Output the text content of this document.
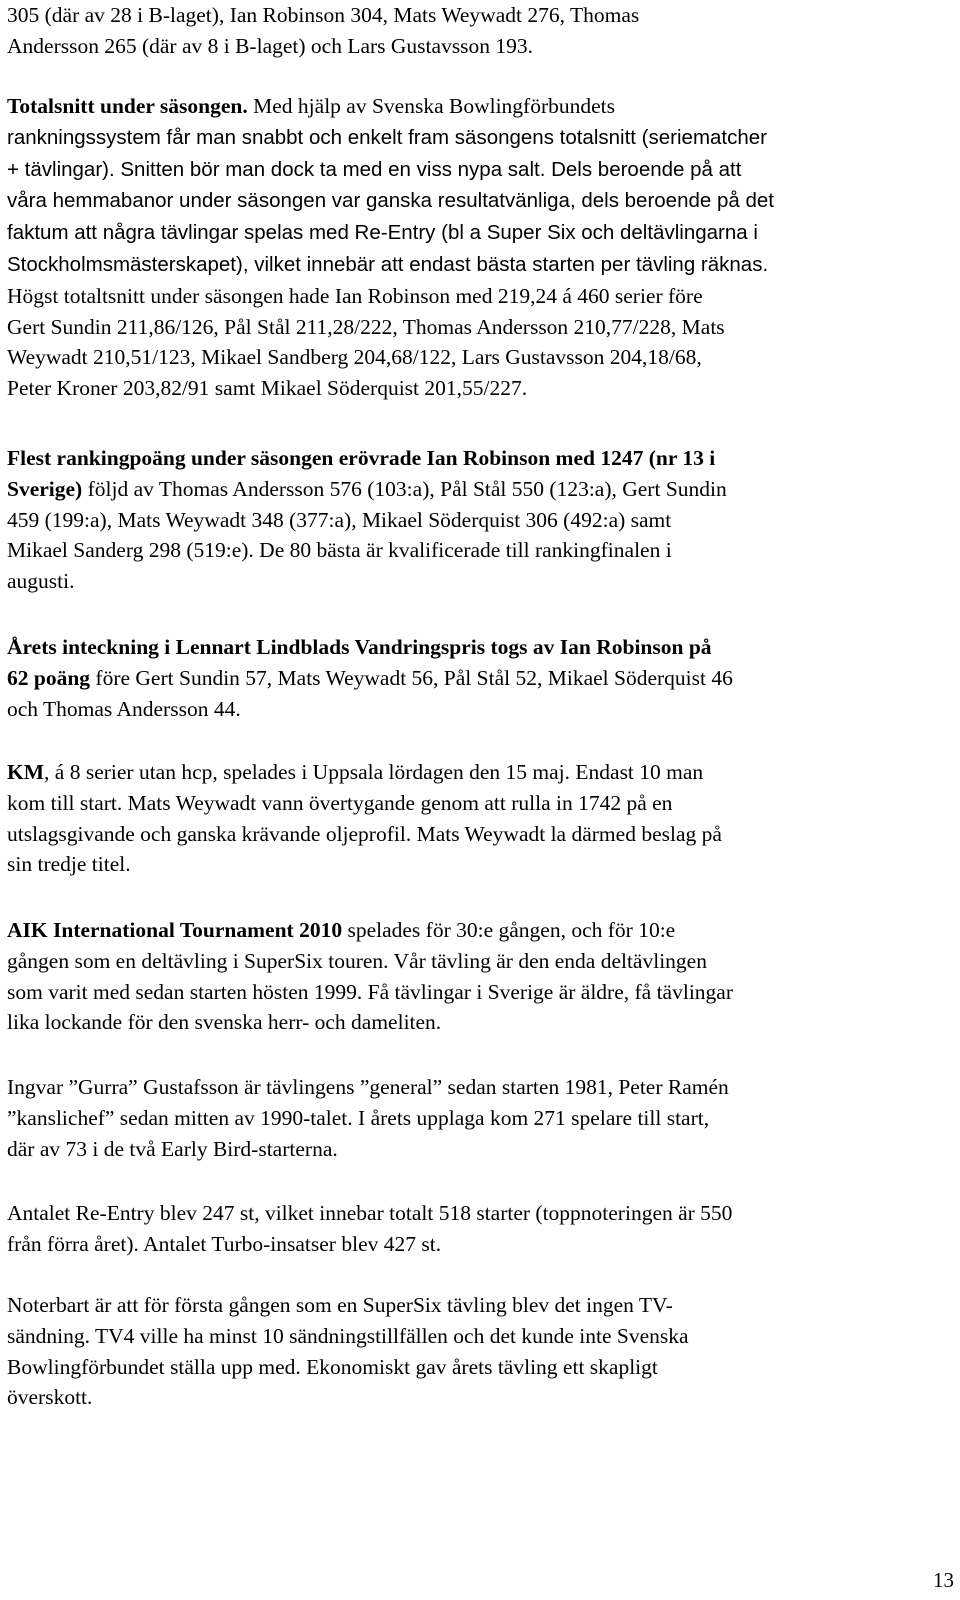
305 (där av 28 i B-laget), Ian Robinson 304, Mats Weywadt 276, Thomas
Andersson 265 (där av 8 i B-laget) och Lars Gustavsson 193.

Totalsnitt under säsongen. Med hjälp av Svenska Bowlingförbundets
rankningssystem får man snabbt och enkelt fram säsongens totalsnitt (seriematcher
+ tävlingar). Snitten bör man dock ta med en viss nypa salt. Dels beroende på att
våra hemmabanor under säsongen var ganska resultatvänliga, dels beroende på det
faktum att några tävlingar spelas med Re-Entry (bl a Super Six och deltävlingarna i
Stockholmsmästerskapet), vilket innebär att endast bästa starten per tävling räknas.
Högst totaltsnitt under säsongen hade Ian Robinson med 219,24 á 460 serier före
Gert Sundin 211,86/126, Pål Stål 211,28/222, Thomas Andersson 210,77/228, Mats
Weywadt 210,51/123, Mikael Sandberg 204,68/122, Lars Gustavsson 204,18/68,
Peter Kroner 203,82/91 samt Mikael Söderquist 201,55/227.

Flest rankingpoäng under säsongen erövrade Ian Robinson med 1247 (nr 13 i
Sverige) följd av Thomas Andersson 576 (103:a), Pål Stål 550 (123:a), Gert Sundin
459 (199:a), Mats Weywadt 348 (377:a), Mikael Söderquist 306 (492:a) samt
Mikael Sanderg 298 (519:e). De 80 bästa är kvalificerade till rankingfinalen i
augusti.

Årets inteckning i Lennart Lindblads Vandringspris togs av Ian Robinson på
62 poäng före Gert Sundin 57, Mats Weywadt 56, Pål Stål 52, Mikael Söderquist 46
och Thomas Andersson 44.

KM, á 8 serier utan hcp, spelades i Uppsala lördagen den 15 maj. Endast 10 man
kom till start. Mats Weywadt vann övertygande genom att rulla in 1742 på en
utslagsgivande och ganska krävande oljeprofil. Mats Weywadt la därmed beslag på
sin tredje titel.

AIK International Tournament 2010 spelades för 30:e gången, och för 10:e
gången som en deltävling i SuperSix touren. Vår tävling är den enda deltävlingen
som varit med sedan starten hösten 1999. Få tävlingar i Sverige är äldre, få tävlingar
lika lockande för den svenska herr- och dameliten.

Ingvar ”Gurra” Gustafsson är tävlingens ”general” sedan starten 1981, Peter Ramén
”kanslichef” sedan mitten av 1990-talet. I årets upplaga kom 271 spelare till start,
där av 73 i de två Early Bird-starterna.

Antalet Re-Entry blev 247 st, vilket innebar totalt 518 starter (toppnoteringen är 550
från förra året). Antalet Turbo-insatser blev 427 st.

Noterbart är att för första gången som en SuperSix tävling blev det ingen TV-
sändning. TV4 ville ha minst 10 sändningstillfällen och det kunde inte Svenska
Bowlingförbundet ställa upp med. Ekonomiskt gav årets tävling ett skapligt
överskott.

13
